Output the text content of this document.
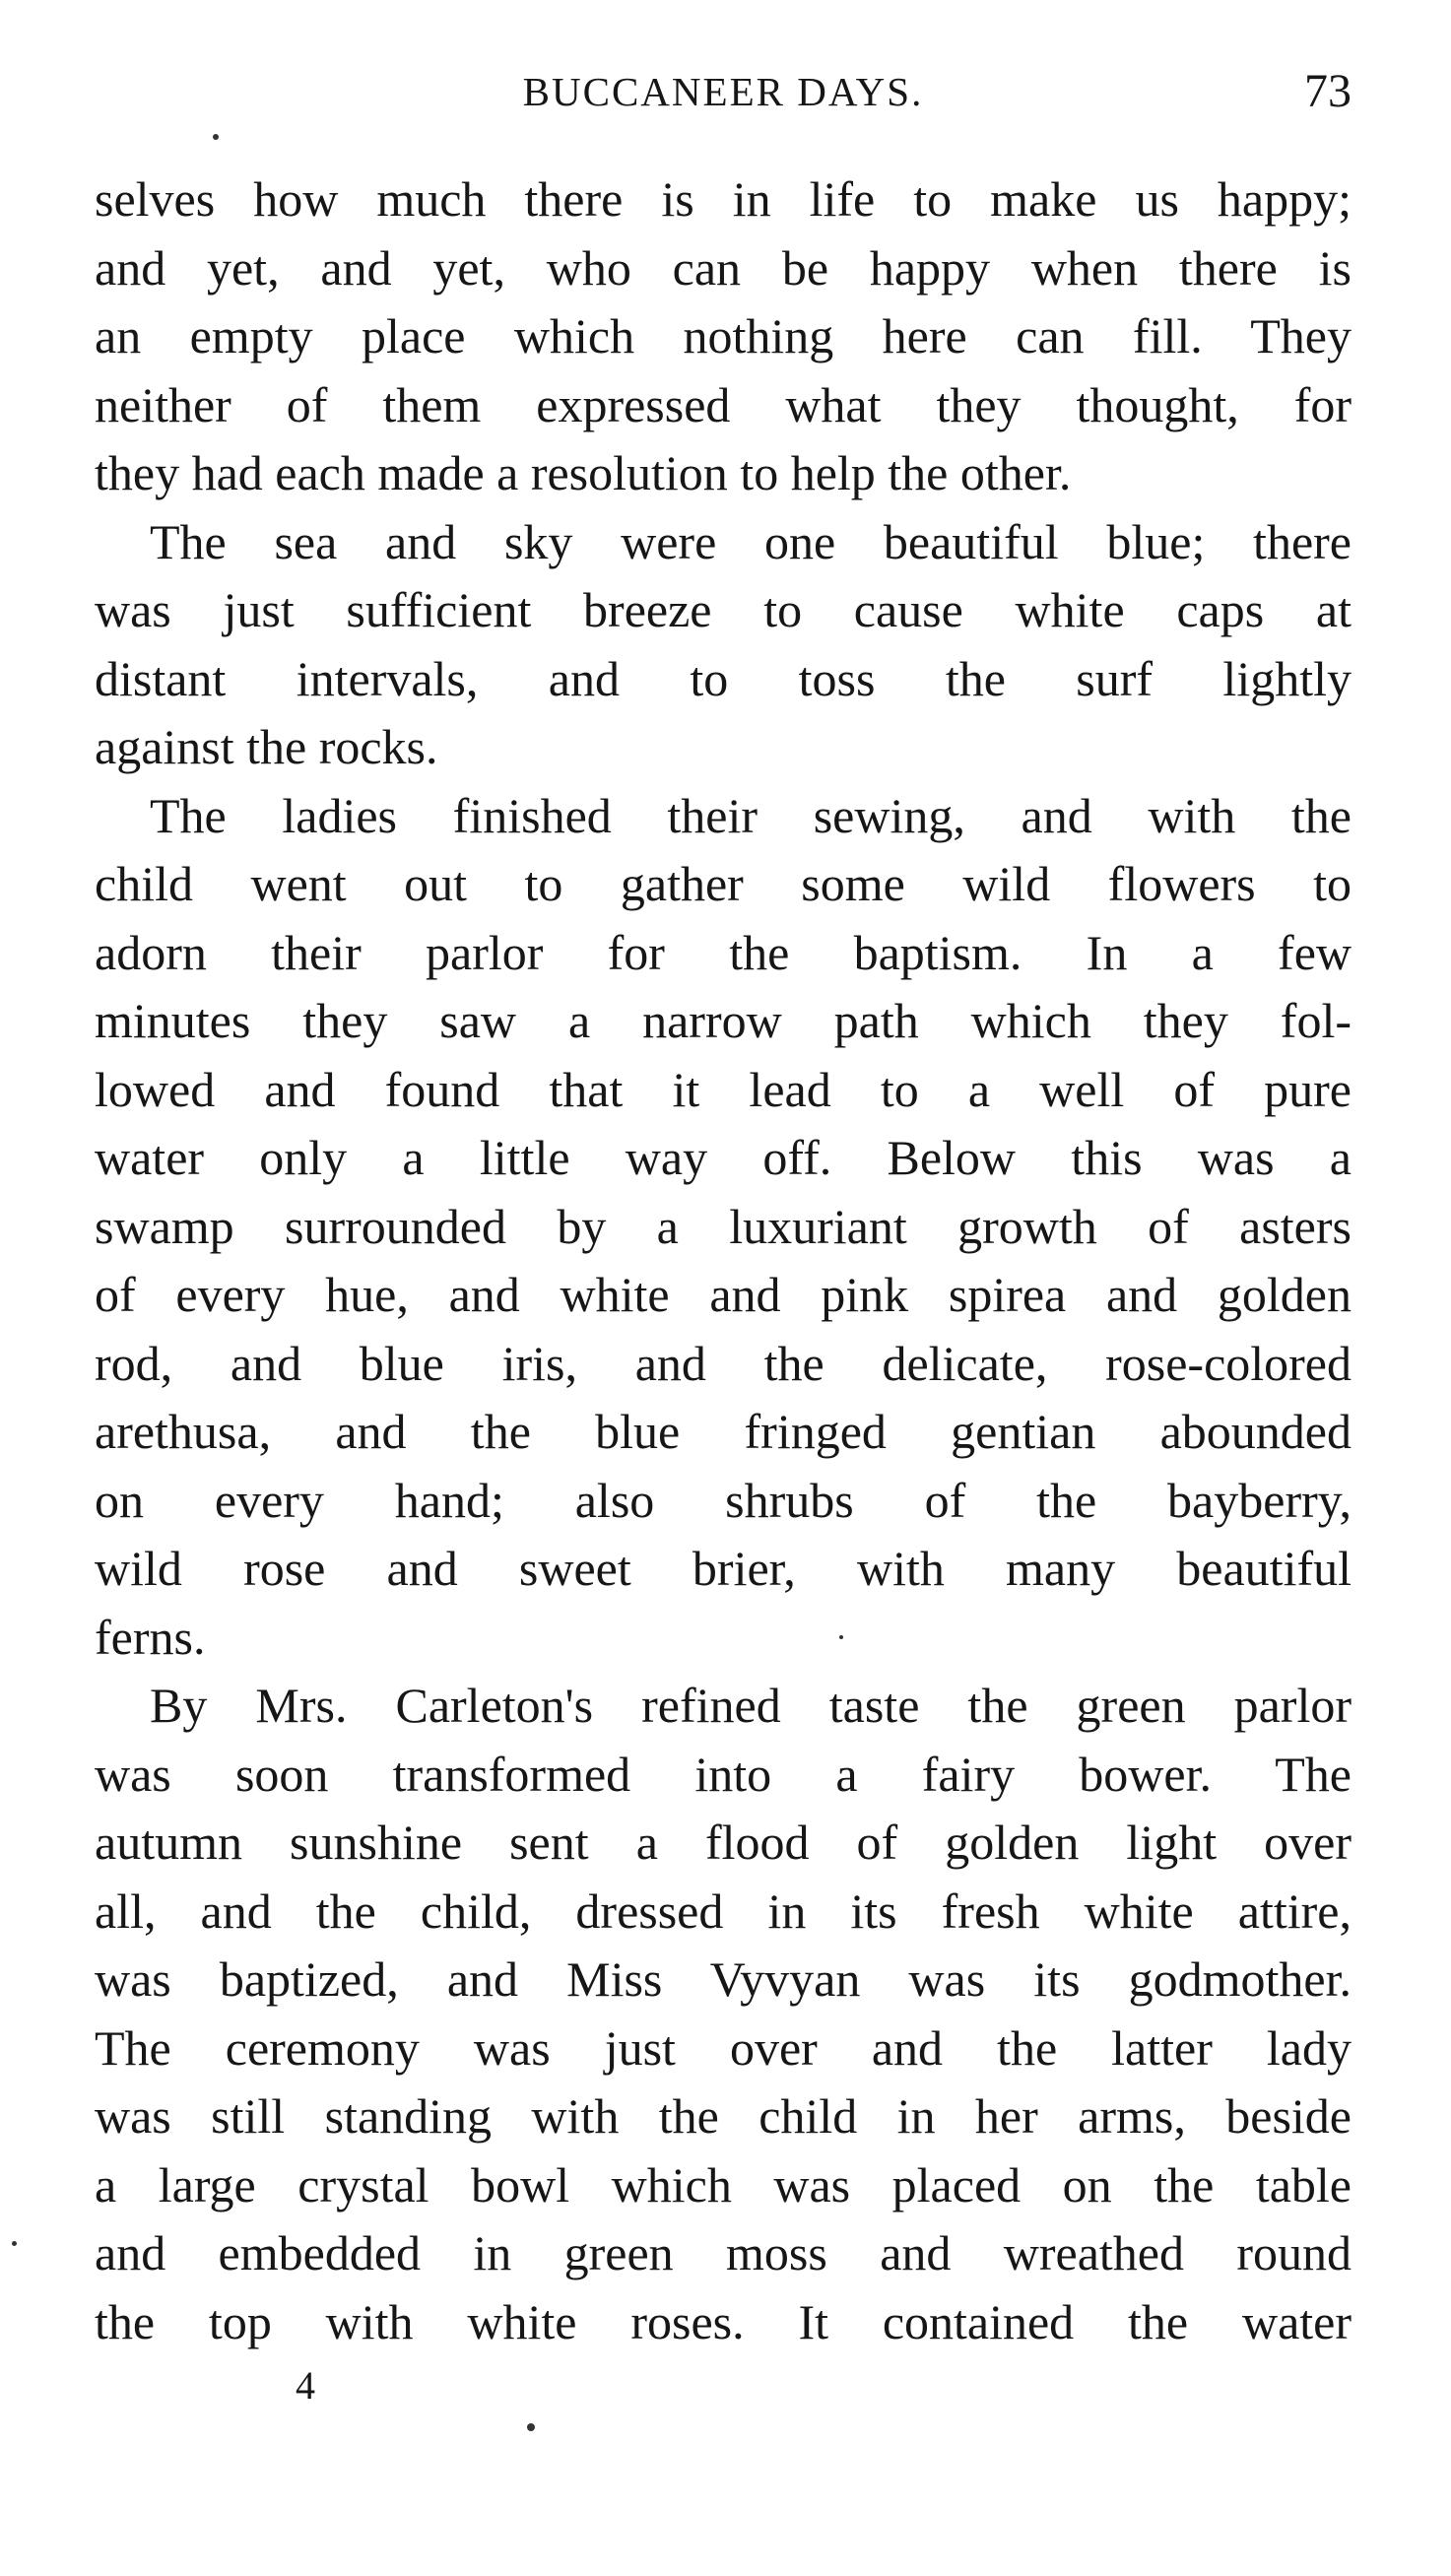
BUCCANEER DAYS.	73
selves how much there is in life to make us happy;
and yet, and yet, who can be happy when there is
an empty place which nothing here can fill. They
neither of them expressed what they thought, for
they had each made a resolution to help the other.
The sea and sky were one beautiful blue; there
was just sufficient breeze to cause white caps at
distant intervals, and to toss the surf lightly
against the rocks.
The ladies finished their sewing, and with the
child went out to gather some wild flowers to
adorn their parlor for the baptism. In a few
minutes they saw a narrow path which they fol-
lowed and found that it lead to a well of pure
water only a little way off. Below this was a
swamp surrounded by a luxuriant growth of asters
of every hue, and white and pink spirea and golden
rod, and blue iris, and the delicate, rose-colored
arethusa, and the blue fringed gentian abounded
on every hand; also shrubs of the bayberry,
wild rose and sweet brier, with many beautiful
ferns.
By Mrs. Carleton's refined taste the green parlor
was soon transformed into a fairy bower. The
autumn sunshine sent a flood of golden light over
all, and the child, dressed in its fresh white attire,
was baptized, and Miss Vyvyan was its godmother.
The ceremony was just over and the latter lady
was still standing with the child in her arms, beside
a large crystal bowl which was placed on the table
and embedded in green moss and wreathed round
the top with white roses. It contained the water
4
